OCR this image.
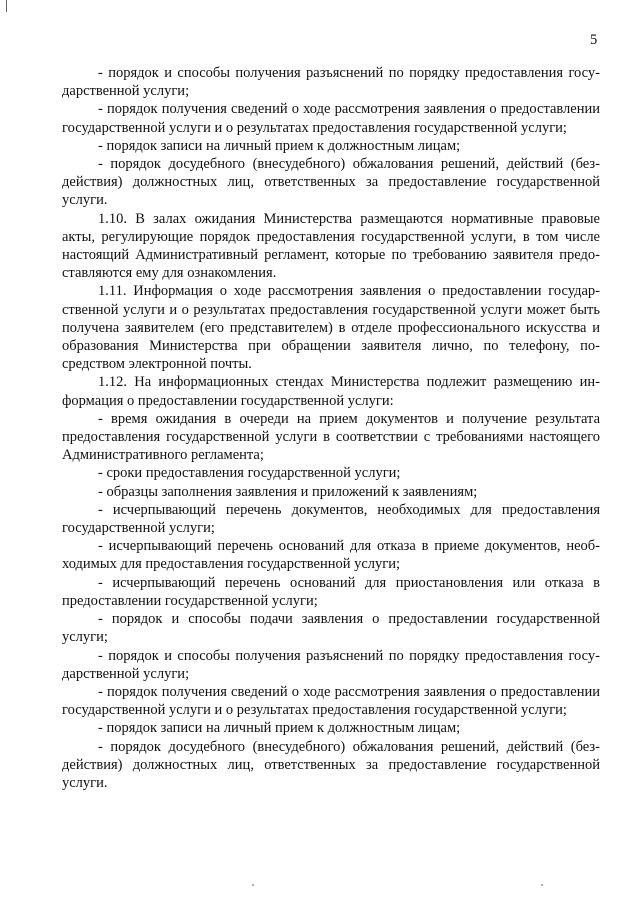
5

- порядок и способы получения разъяснений по порядку предоставления государственной услуги;

- порядок получения сведений о ходе рассмотрения заявления о предоставлении государственной услуги и о результатах предоставления государственной услуги;

- порядок записи на личный прием к должностным лицам;

- порядок досудебного (внесудебного) обжалования решений, действий (бездействия) должностных лиц, ответственных за предоставление государственной услуги.

1.10. В залах ожидания Министерства размещаются нормативные правовые акты, регулирующие порядок предоставления государственной услуги, в том числе настоящий Административный регламент, которые по требованию заявителя предоставляются ему для ознакомления.

1.11. Информация о ходе рассмотрения заявления о предоставлении государственной услуги и о результатах предоставления государственной услуги может быть получена заявителем (его представителем) в отделе профессионального искусства и образования Министерства при обращении заявителя лично, по телефону, посредством электронной почты.

1.12. На информационных стендах Министерства подлежит размещению информация о предоставлении государственной услуги:

- время ожидания в очереди на прием документов и получение результата предоставления государственной услуги в соответствии с требованиями настоящего Административного регламента;

- сроки предоставления государственной услуги;

- образцы заполнения заявления и приложений к заявлениям;

- исчерпывающий перечень документов, необходимых для предоставления государственной услуги;

- исчерпывающий перечень оснований для отказа в приеме документов, необходимых для предоставления государственной услуги;

- исчерпывающий перечень оснований для приостановления или отказа в предоставлении государственной услуги;

- порядок и способы подачи заявления о предоставлении государственной услуги;

- порядок и способы получения разъяснений по порядку предоставления государственной услуги;

- порядок получения сведений о ходе рассмотрения заявления о предоставлении государственной услуги и о результатах предоставления государственной услуги;

- порядок записи на личный прием к должностным лицам;

- порядок досудебного (внесудебного) обжалования решений, действий (бездействия) должностных лиц, ответственных за предоставление государственной услуги.
